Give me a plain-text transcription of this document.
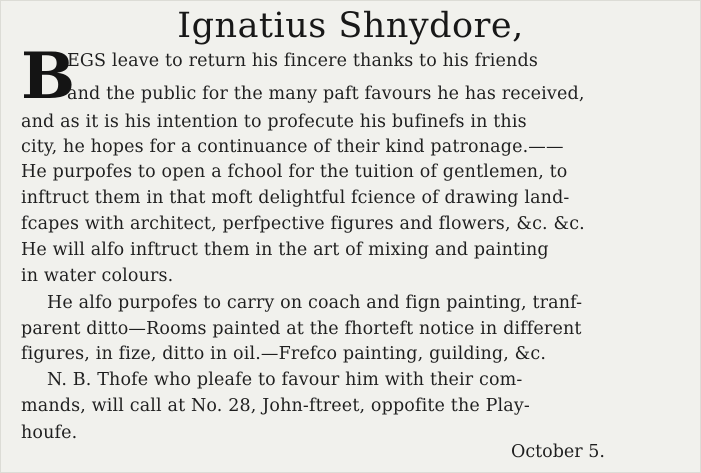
Ignatius Shnydore,
B
EGS leave to return his fincere thanks to his friends
and the public for the many paft favours he has received,
and as it is his intention to profecute his bufinefs in this
city, he hopes for a continuance of their kind patronage.——
He purpofes to open a fchool for the tuition of gentlemen, to
inftruct them in that moft delightful fcience of drawing land-
fcapes with architect, perfpective figures and flowers, &c. &c.
He will alfo inftruct them in the art of mixing and painting
in water colours.
He alfo purpofes to carry on coach and fign painting, tranf-
parent ditto—Rooms painted at the fhorteft notice in different
figures, in fize, ditto in oil.—Frefco painting, guilding, &c.
N. B. Thofe who pleafe to favour him with their com-
mands, will call at No. 28, John-ftreet, oppofite the Play-
houfe.
October 5.
